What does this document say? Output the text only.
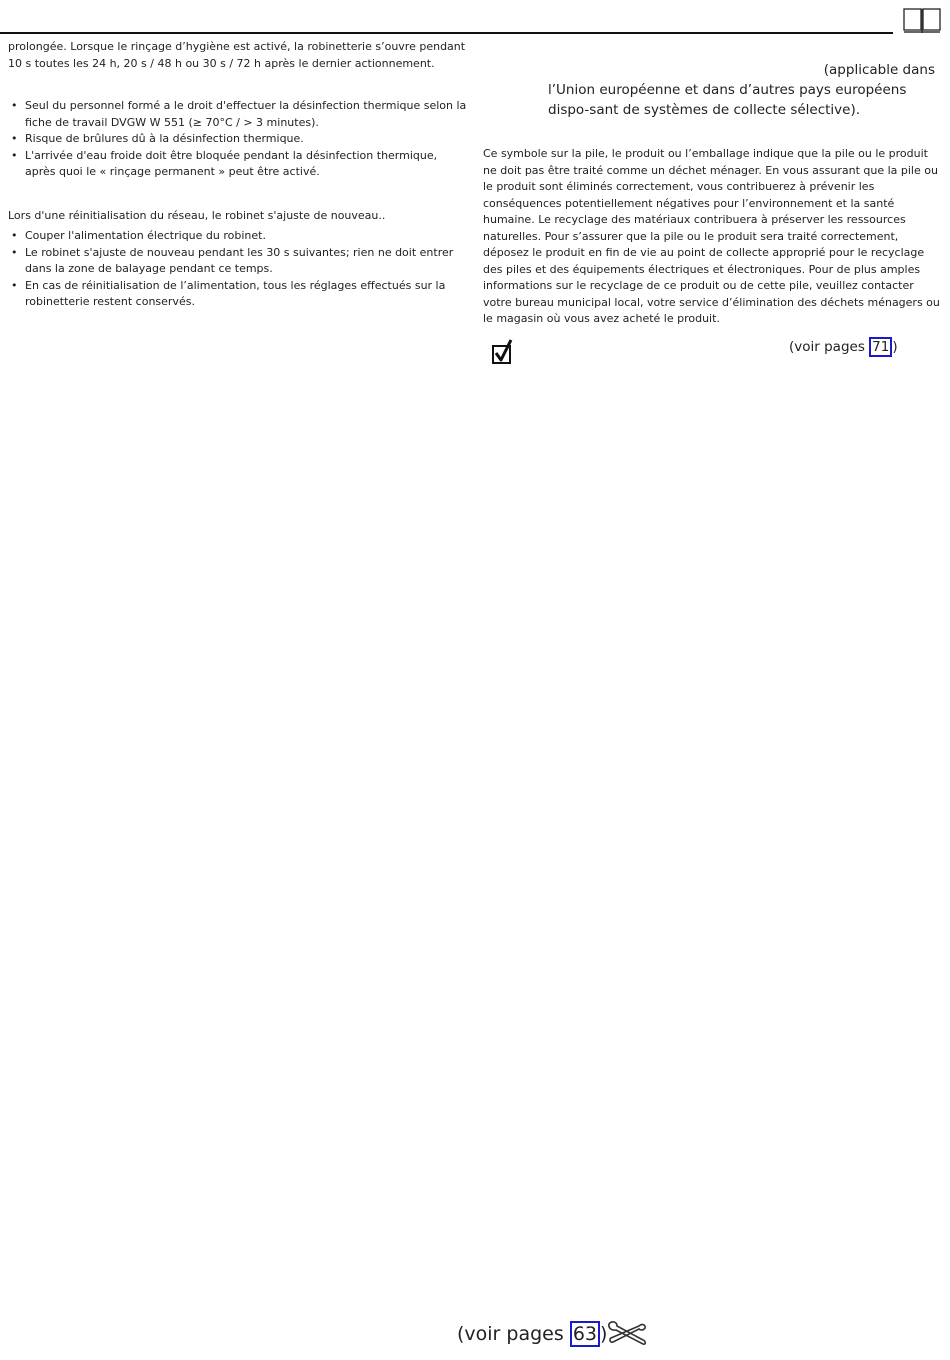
prolongée. Lorsque le rinçage d’hygiène est activé, la robinetterie s’ouvre pendant 10 s toutes les 24 h, 20 s / 48 h ou 30 s / 72 h après le dernier actionnement.

• Seul du personnel formé a le droit d'effectuer la désinfection thermique selon la fiche de travail DVGW W 551 (≥ 70°C / > 3 minutes).
• Risque de brûlures dû à la désinfection thermique.
• L'arrivée d'eau froide doit être bloquée pendant la désinfection thermique, après quoi le « rinçage permanent » peut être activé.

Lors d'une réinitialisation du réseau, le robinet s'ajuste de nouveau..

• Couper l'alimentation électrique du robinet.
• Le robinet s'ajuste de nouveau pendant les 30 s suivantes; rien ne doit entrer dans la zone de balayage pendant ce temps.
• En cas de réinitialisation de l’alimentation, tous les réglages effectués sur la robinetterie restent conservés.
(applicable dans
l’Union européenne et dans d’autres pays européens dispo-sant de systèmes de collecte sélective).
Ce symbole sur la pile, le produit ou l’emballage indique que la pile ou le produit ne doit pas être traité comme un déchet ménager. En vous assurant que la pile ou le produit sont éliminés correctement, vous contribuerez à prévenir les conséquences potentiellement négatives pour l’environnement et la santé humaine. Le recyclage des matériaux contribuera à préserver les ressources naturelles. Pour s’assurer que la pile ou le produit sera traité correctement, déposez le produit en fin de vie au point de collecte approprié pour le recyclage des piles et des équipements électriques et électroniques. Pour de plus amples informations sur le recyclage de ce produit ou de cette pile, veuillez contacter votre bureau municipal local, votre service d’élimination des déchets ménagers ou le magasin où vous avez acheté le produit.
(voir pages 71 )
(voir pages 63 )
